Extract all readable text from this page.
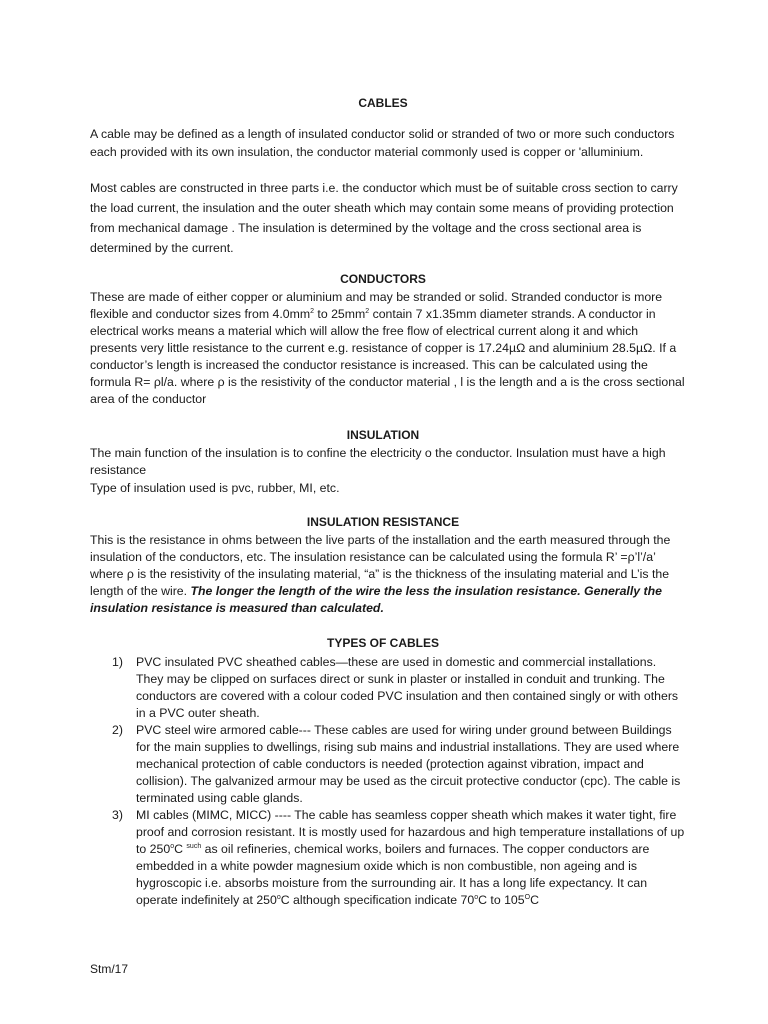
CABLES
A cable may be defined as a length of insulated conductor solid or stranded of two or more such conductors each provided with its own insulation, the conductor material commonly used is copper or 'alluminium.
Most cables are constructed in three parts i.e. the conductor which must be of suitable cross section to carry the load current, the insulation and the outer sheath which may contain some means of providing protection from mechanical damage . The insulation is determined by the voltage and the cross sectional area is determined by the current.
CONDUCTORS
These are made of either copper or aluminium and may be stranded or solid. Stranded conductor is more flexible and conductor sizes from $4.0mm^2$ to $25mm^2$ contain 7 x1.35mm diameter strands. A conductor in electrical works means a material which will allow the free flow of electrical current along it and which presents very little resistance to the current e.g. resistance of copper is 17.24µΩ and aluminium 28.5µΩ. If a conductor’s length is increased the conductor resistance is increased. This can be calculated using the formula R= ρl/a. where ρ is the resistivity of the conductor material , l is the length and a is the cross sectional area of the conductor
INSULATION
The main function of the insulation is to confine the electricity o the conductor. Insulation must have a high resistance
Type of insulation used is pvc, rubber, MI, etc.
INSULATION RESISTANCE
This is the resistance in ohms between the live parts of the installation and the earth measured through the insulation of the conductors, etc. The insulation resistance can be calculated using the formula R’ =ρ’l’/a’ where ρ is the resistivity of the insulating material, “a” is the thickness of the insulating material and L’is the length of the wire. The longer the length of the wire the less the insulation resistance. Generally the insulation resistance is measured than calculated.
TYPES OF CABLES
1) PVC insulated PVC sheathed cables—these are used in domestic and commercial installations. They may be clipped on surfaces direct or sunk in plaster or installed in conduit and trunking. The conductors are covered with a colour coded PVC insulation and then contained singly or with others in a PVC outer sheath.
2) PVC steel wire armored cable--- These cables are used for wiring under ground between Buildings for the main supplies to dwellings, rising sub mains and industrial installations. They are used where mechanical protection of cable conductors is needed (protection against vibration, impact and collision). The galvanized armour may be used as the circuit protective conductor (cpc). The cable is terminated using cable glands.
3) MI cables (MIMC, MICC) ---- The cable has seamless copper sheath which makes it water tight, fire proof and corrosion resistant. It is mostly used for hazardous and high temperature installations of up to 250$^o$C $^{such}$ as oil refineries, chemical works, boilers and furnaces. The copper conductors are embedded in a white powder magnesium oxide which is non combustible, non ageing and is hygroscopic i.e. absorbs moisture from the surrounding air. It has a long life expectancy. It can operate indefinitely at 250$^o$C although specification indicate 70$^o$C to $105^OC$
Stm/17
